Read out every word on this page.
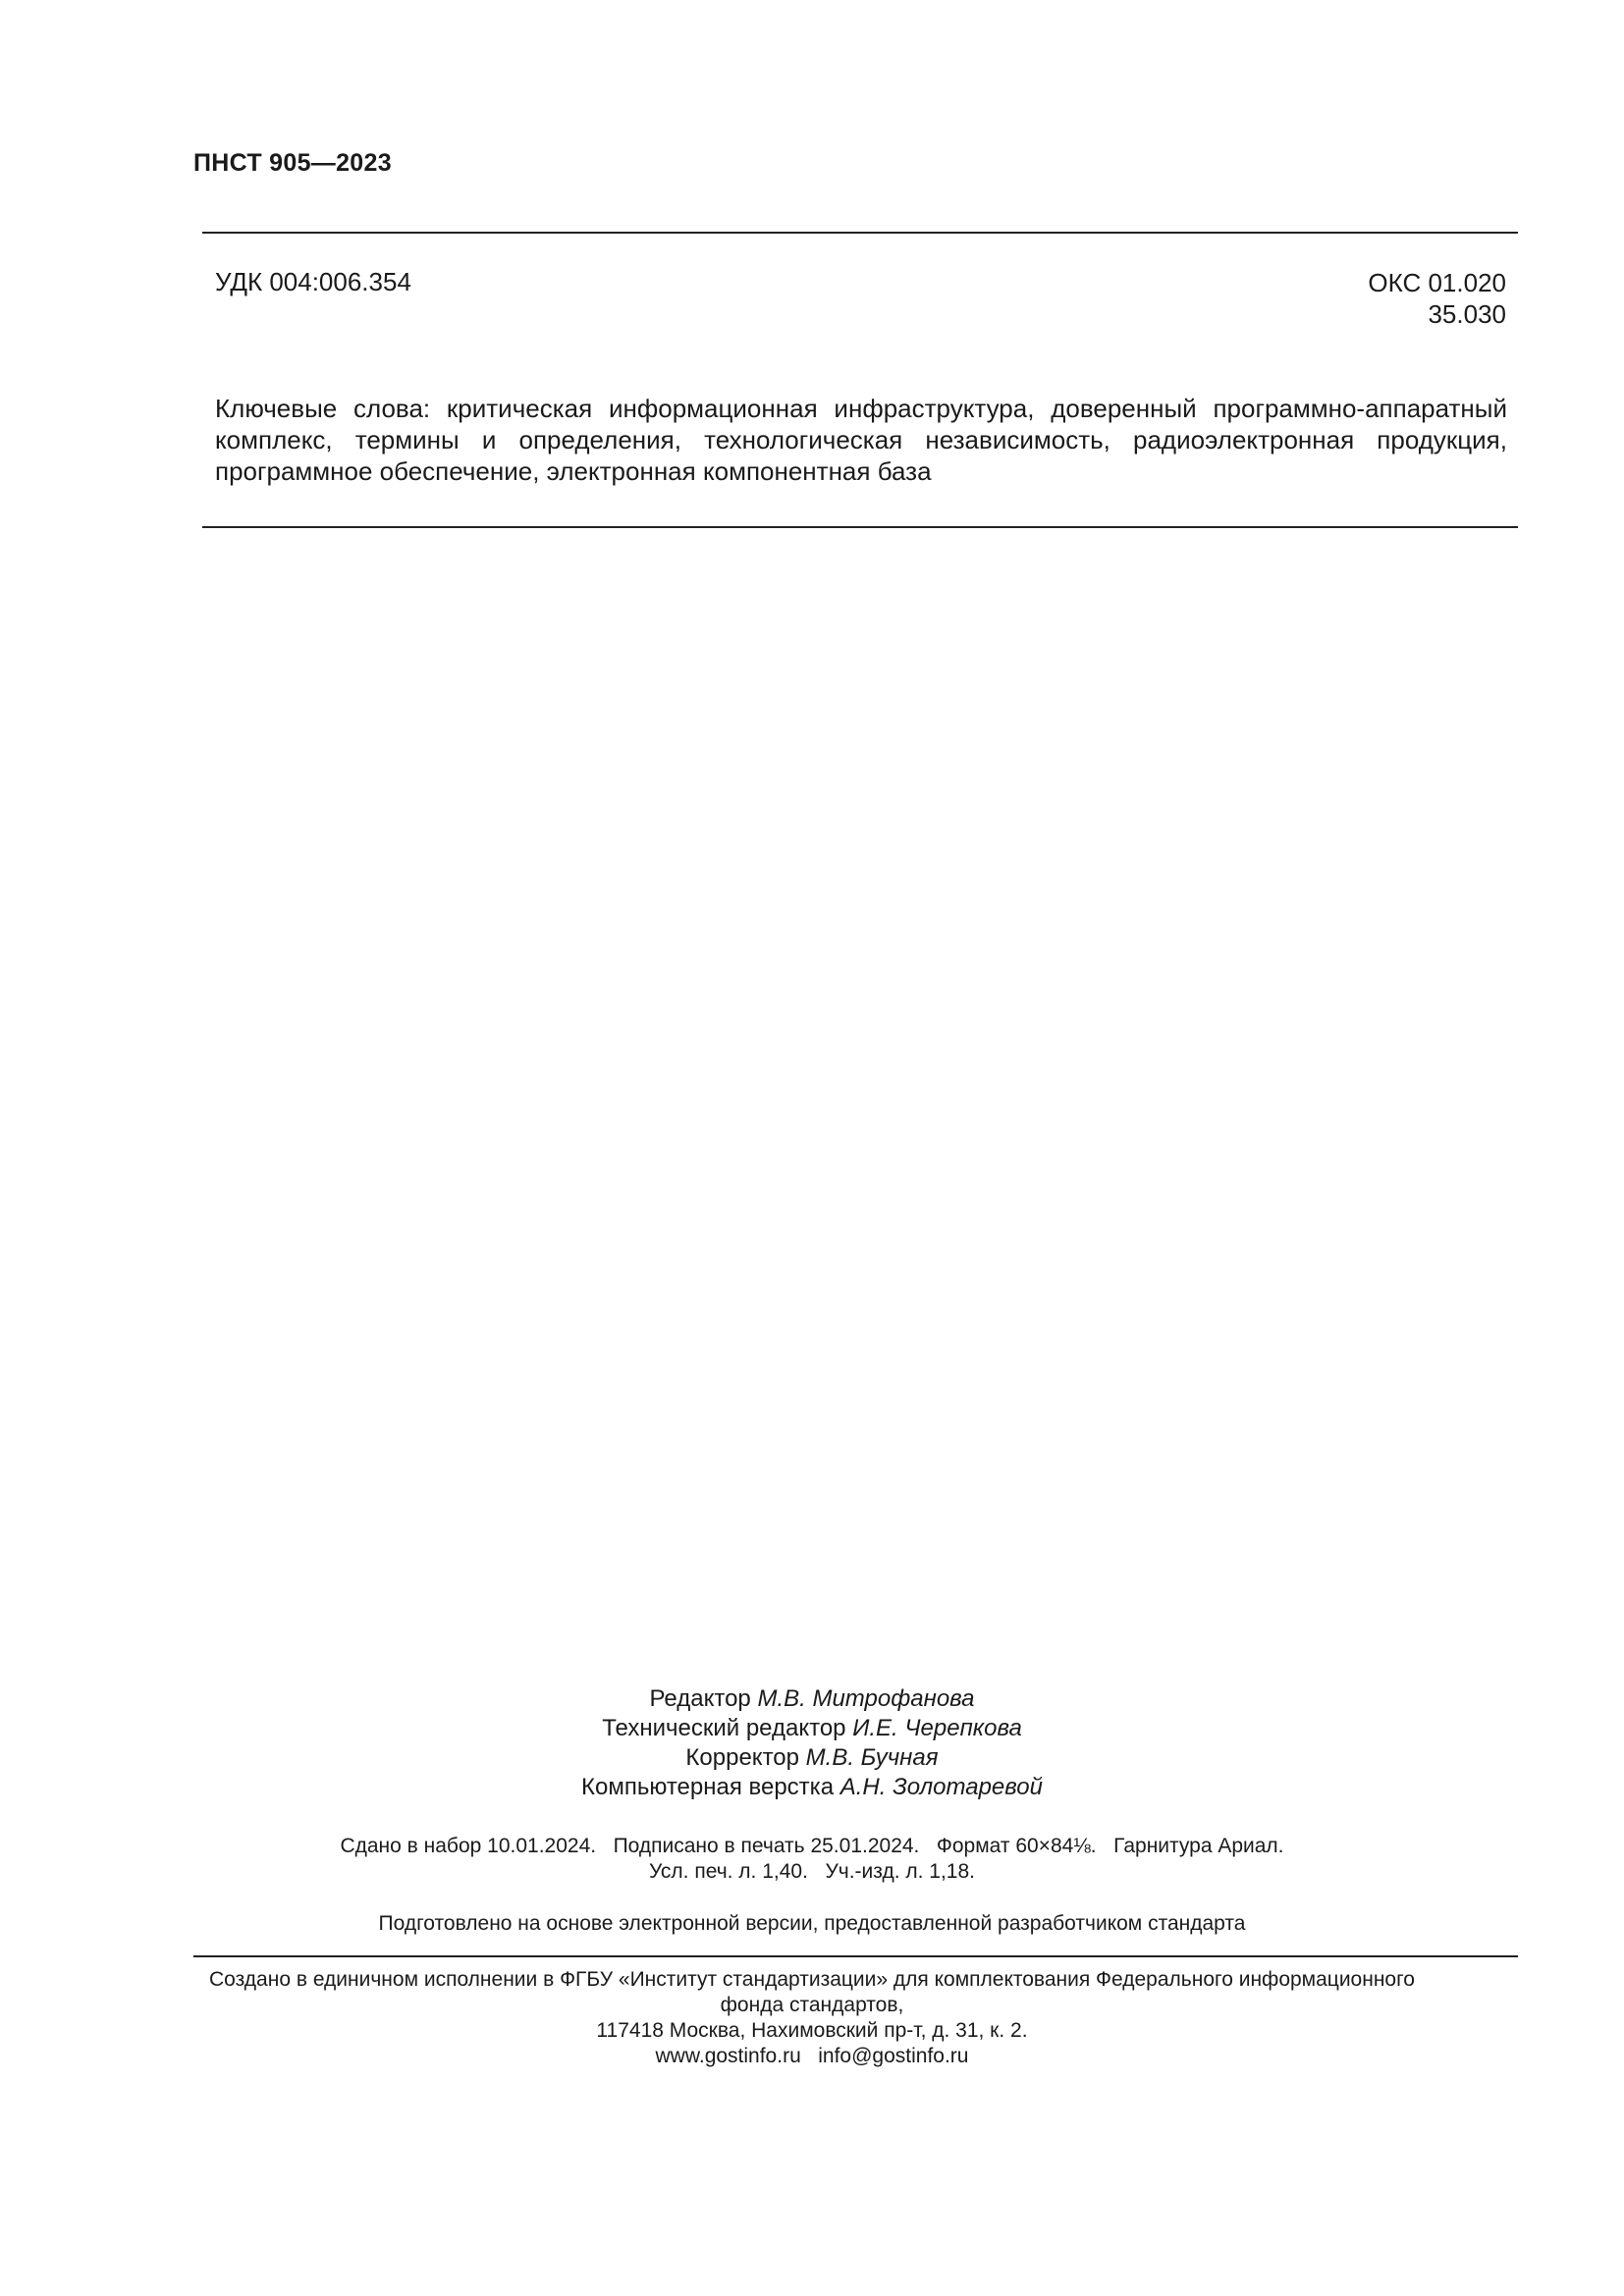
ПНСТ 905—2023
УДК 004:006.354	ОКС 01.020
35.030
Ключевые слова: критическая информационная инфраструктура, доверенный программно-аппаратный комплекс, термины и определения, технологическая независимость, радиоэлектронная продукция, программное обеспечение, электронная компонентная база
Редактор М.В. Митрофанова
Технический редактор И.Е. Черепкова
Корректор М.В. Бучная
Компьютерная верстка А.Н. Золотаревой
Сдано в набор 10.01.2024.   Подписано в печать 25.01.2024.   Формат 60×84⅛.   Гарнитура Ариал.
Усл. печ. л. 1,40.   Уч.-изд. л. 1,18.
Подготовлено на основе электронной версии, предоставленной разработчиком стандарта
Создано в единичном исполнении в ФГБУ «Институт стандартизации» для комплектования Федерального информационного
фонда стандартов,
117418 Москва, Нахимовский пр-т, д. 31, к. 2.
www.gostinfo.ru   info@gostinfo.ru
